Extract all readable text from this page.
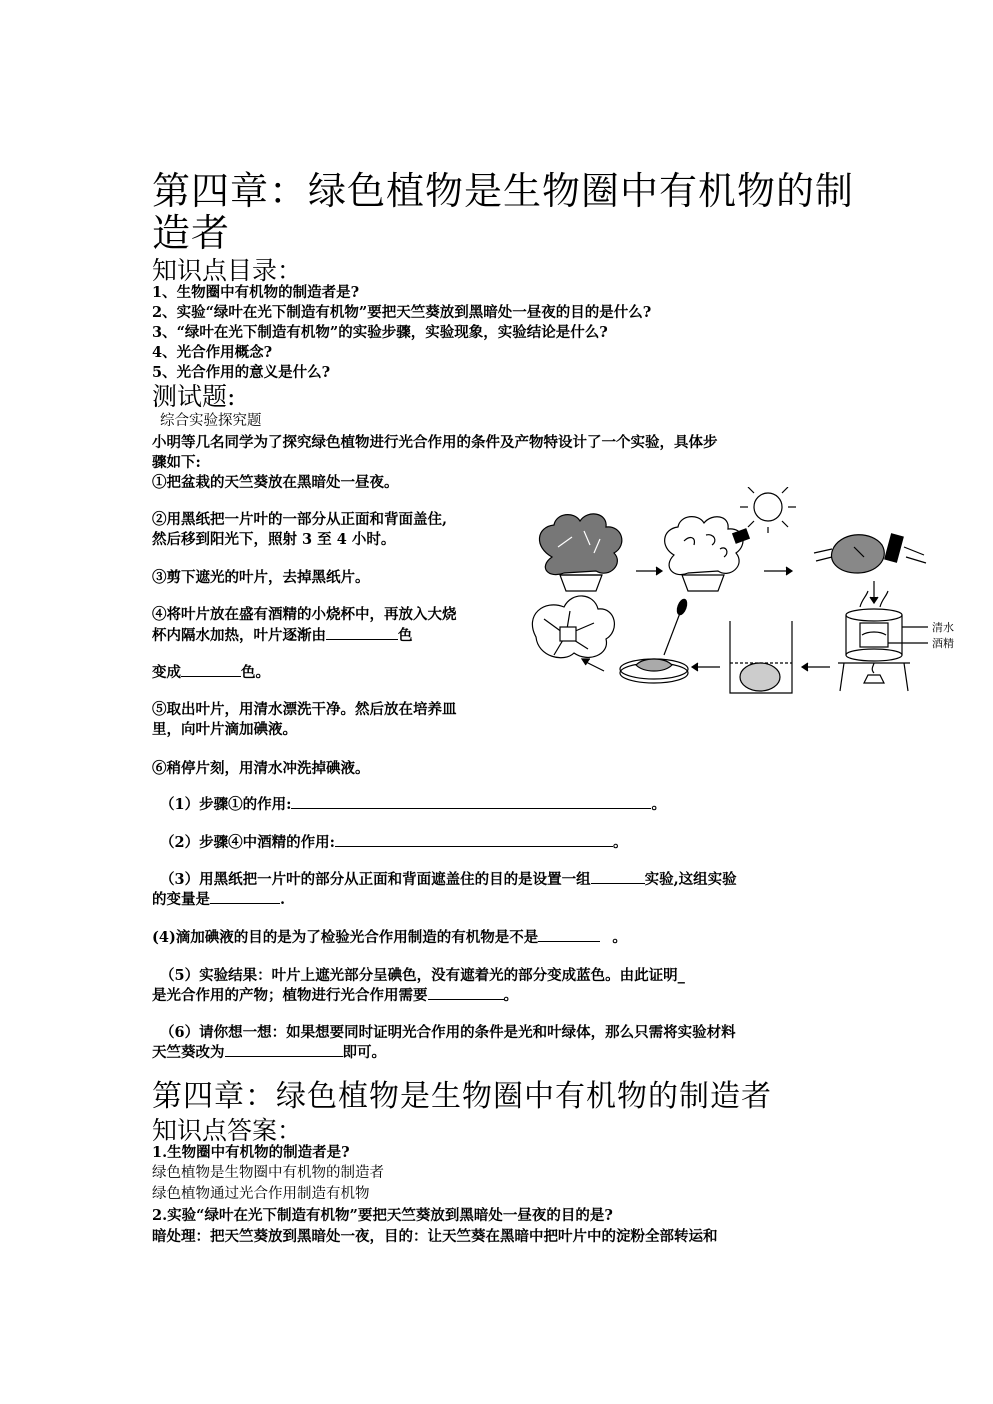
第四章：绿色植物是生物圈中有机物的制
造者
知识点目录：
1、生物圈中有机物的制造者是?
2、实验“绿叶在光下制造有机物”要把天竺葵放到黑暗处一昼夜的目的是什么?
3、“绿叶在光下制造有机物”的实验步骤，实验现象，实验结论是什么?
4、光合作用概念?
5、光合作用的意义是什么?
测试题:
综合实验探究题
小明等几名同学为了探究绿色植物进行光合作用的条件及产物特设计了一个实验，具体步
骤如下:
①把盆栽的天竺葵放在黑暗处一昼夜。
②用黑纸把一片叶的一部分从正面和背面盖住,
然后移到阳光下，照射 3 至 4 小时。
③剪下遮光的叶片，去掉黑纸片。
④将叶片放在盛有酒精的小烧杯中，再放入大烧
杯内隔水加热，叶片逐渐由	色
变成	色。
⑤取出叶片，用清水漂洗干净。然后放在培养皿
里，向叶片滴加碘液。
⑥稍停片刻，用清水冲洗掉碘液。
清水
酒精
（1）步骤①的作用:	。
（2）步骤④中酒精的作用:	。
（3）用黑纸把一片叶的部分从正面和背面遮盖住的目的是设置一组	实验,这组实验
的变量是	.
(4)滴加碘液的目的是为了检验光合作用制造的有机物是不是	。
（5）实验结果：叶片上遮光部分呈碘色，没有遮着光的部分变成蓝色。由此证明_
是光合作用的产物；植物进行光合作用需要	。
（6）请你想一想：如果想要同时证明光合作用的条件是光和叶绿体，那么只需将实验材料
天竺葵改为	即可。
第四章：绿色植物是生物圈中有机物的制造者
知识点答案：
1.生物圈中有机物的制造者是?
绿色植物是生物圈中有机物的制造者
绿色植物通过光合作用制造有机物
2.实验“绿叶在光下制造有机物”要把天竺葵放到黑暗处一昼夜的目的是?
暗处理：把天竺葵放到黑暗处一夜，目的：让天竺葵在黑暗中把叶片中的淀粉全部转运和
